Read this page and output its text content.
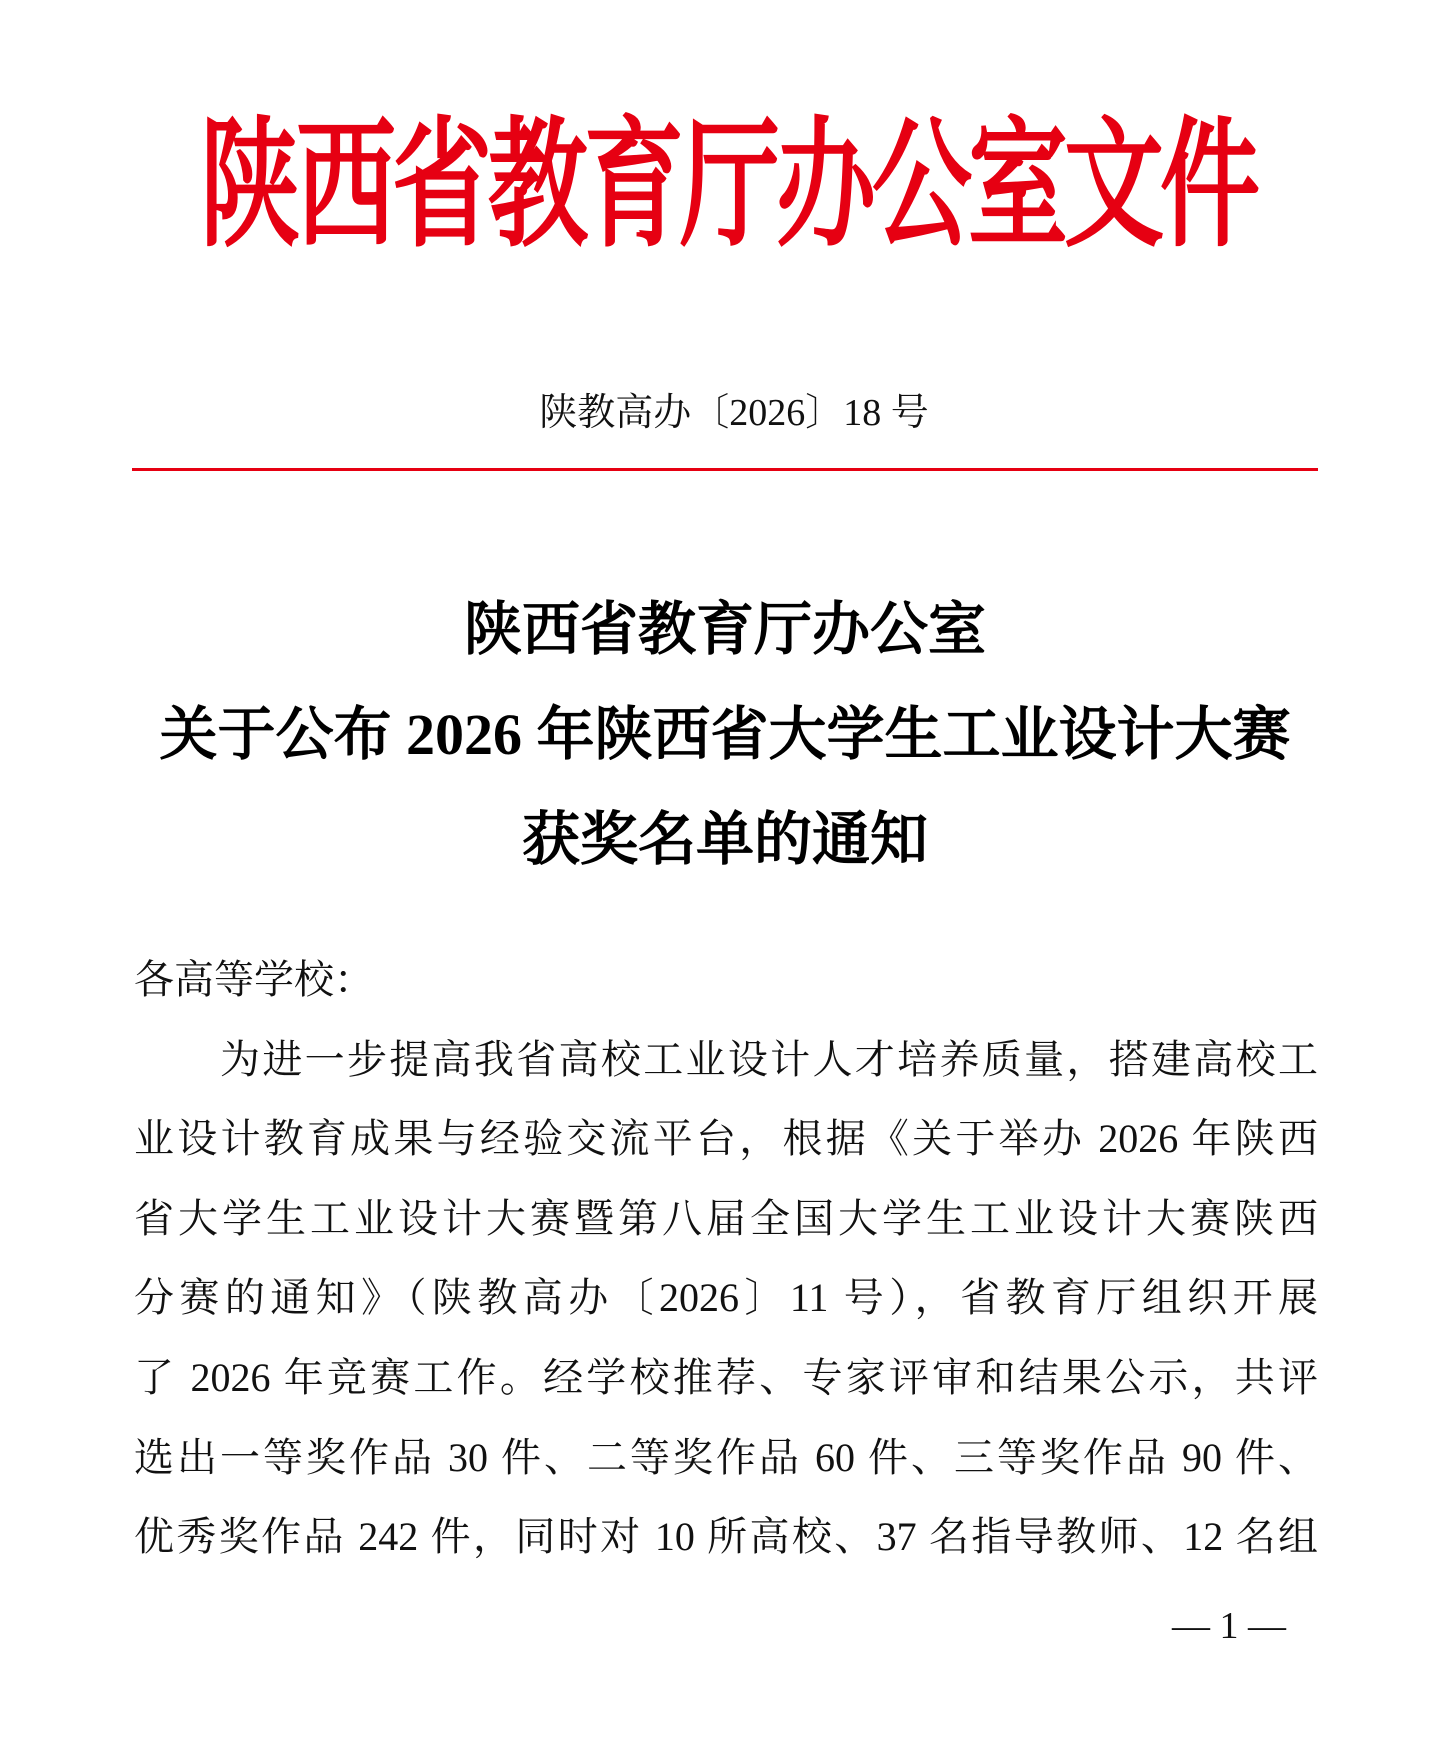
陕西省教育厅办公室文件
陕教高办〔2026〕18 号
陕西省教育厅办公室
关于公布 2026 年陕西省大学生工业设计大赛
获奖名单的通知
各高等学校：
为进一步提高我省高校工业设计人才培养质量，搭建高校工
业设计教育成果与经验交流平台，根据《关于举办 2026 年陕西
省大学生工业设计大赛暨第八届全国大学生工业设计大赛陕西
分赛的通知》（陕教高办〔2026〕11 号），省教育厅组织开展
了 2026 年竞赛工作。经学校推荐、专家评审和结果公示，共评
选出一等奖作品 30 件、二等奖作品 60 件、三等奖作品 90 件、
优秀奖作品 242 件，同时对 10 所高校、37 名指导教师、12 名组
— 1 —
